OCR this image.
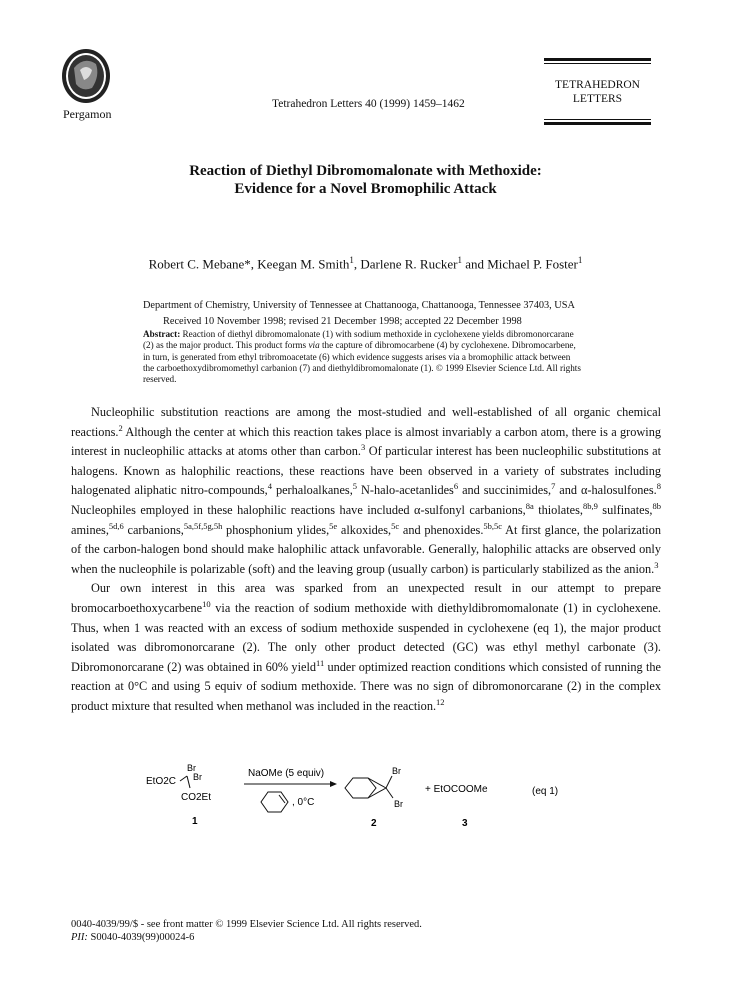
Pergamon
Tetrahedron Letters 40 (1999) 1459–1462
TETRAHEDRON
LETTERS
Reaction of Diethyl Dibromomalonate with Methoxide:
Evidence for a Novel Bromophilic Attack
Robert C. Mebane*, Keegan M. Smith$^1$, Darlene R. Rucker$^1$ and Michael P. Foster$^1$
Department of Chemistry, University of Tennessee at Chattanooga, Chattanooga, Tennessee 37403, USA
Received 10 November 1998; revised 21 December 1998; accepted 22 December 1998
Abstract: Reaction of diethyl dibromomalonate (1) with sodium methoxide in cyclohexene yields dibromonorcarane (2) as the major product. This product forms via the capture of dibromocarbene (4) by cyclohexene. Dibromocarbene, in turn, is generated from ethyl tribromoacetate (6) which evidence suggests arises via a bromophilic attack between the carboethoxydibromomethyl carbanion (7) and diethyldibromomalonate (1). © 1999 Elsevier Science Ltd. All rights reserved.

Nucleophilic substitution reactions are among the most-studied and well-established of all organic chemical reactions.$^2$ Although the center at which this reaction takes place is almost invariably a carbon atom, there is a growing interest in nucleophilic attacks at atoms other than carbon.$^3$ Of particular interest has been nucleophilic substitutions at halogens. Known as halophilic reactions, these reactions have been observed in a variety of substrates including halogenated aliphatic nitro-compounds,$^4$ perhaloalkanes,$^5$ N-halo-acetanlides$^6$ and succinimides,$^7$ and α-halosulfones.$^8$ Nucleophiles employed in these halophilic reactions have included α-sulfonyl carbanions,$^{8a}$ thiolates,$^{8b,9}$ sulfinates,$^{8b}$ amines,$^{5d,6}$ carbanions,$^{5a,5f,5g,5h}$ phosphonium ylides,$^{5e}$ alkoxides,$^{5c}$ and phenoxides.$^{5b,5c}$ At first glance, the polarization of the carbon-halogen bond should make halophilic attack unfavorable. Generally, halophilic attacks are observed only when the nucleophile is polarizable (soft) and the leaving group (usually carbon) is particularly stabilized as the anion.$^3$

Our own interest in this area was sparked from an unexpected result in our attempt to prepare bromocarboethoxycarbene$^{10}$ via the reaction of sodium methoxide with diethyldibromomalonate (1) in cyclohexene. Thus, when 1 was reacted with an excess of sodium methoxide suspended in cyclohexene (eq 1), the major product isolated was dibromonorcarane (2). The only other product detected (GC) was ethyl methyl carbonate (3). Dibromonorcarane (2) was obtained in 60% yield$^{11}$ under optimized reaction conditions which consisted of running the reaction at 0°C and using 5 equiv of sodium methoxide. There was no sign of dibromonorcarane (2) in the complex product mixture that resulted when methanol was included in the reaction.$^{12}$

EtO2C
Br
Br
CO2Et
1
NaOMe (5 equiv)
, 0°C
Br
Br
2
+ EtOCOOMe
3
(eq 1)
0040-4039/99/$ - see front matter © 1999 Elsevier Science Ltd. All rights reserved.
PII: S0040-4039(99)00024-6
